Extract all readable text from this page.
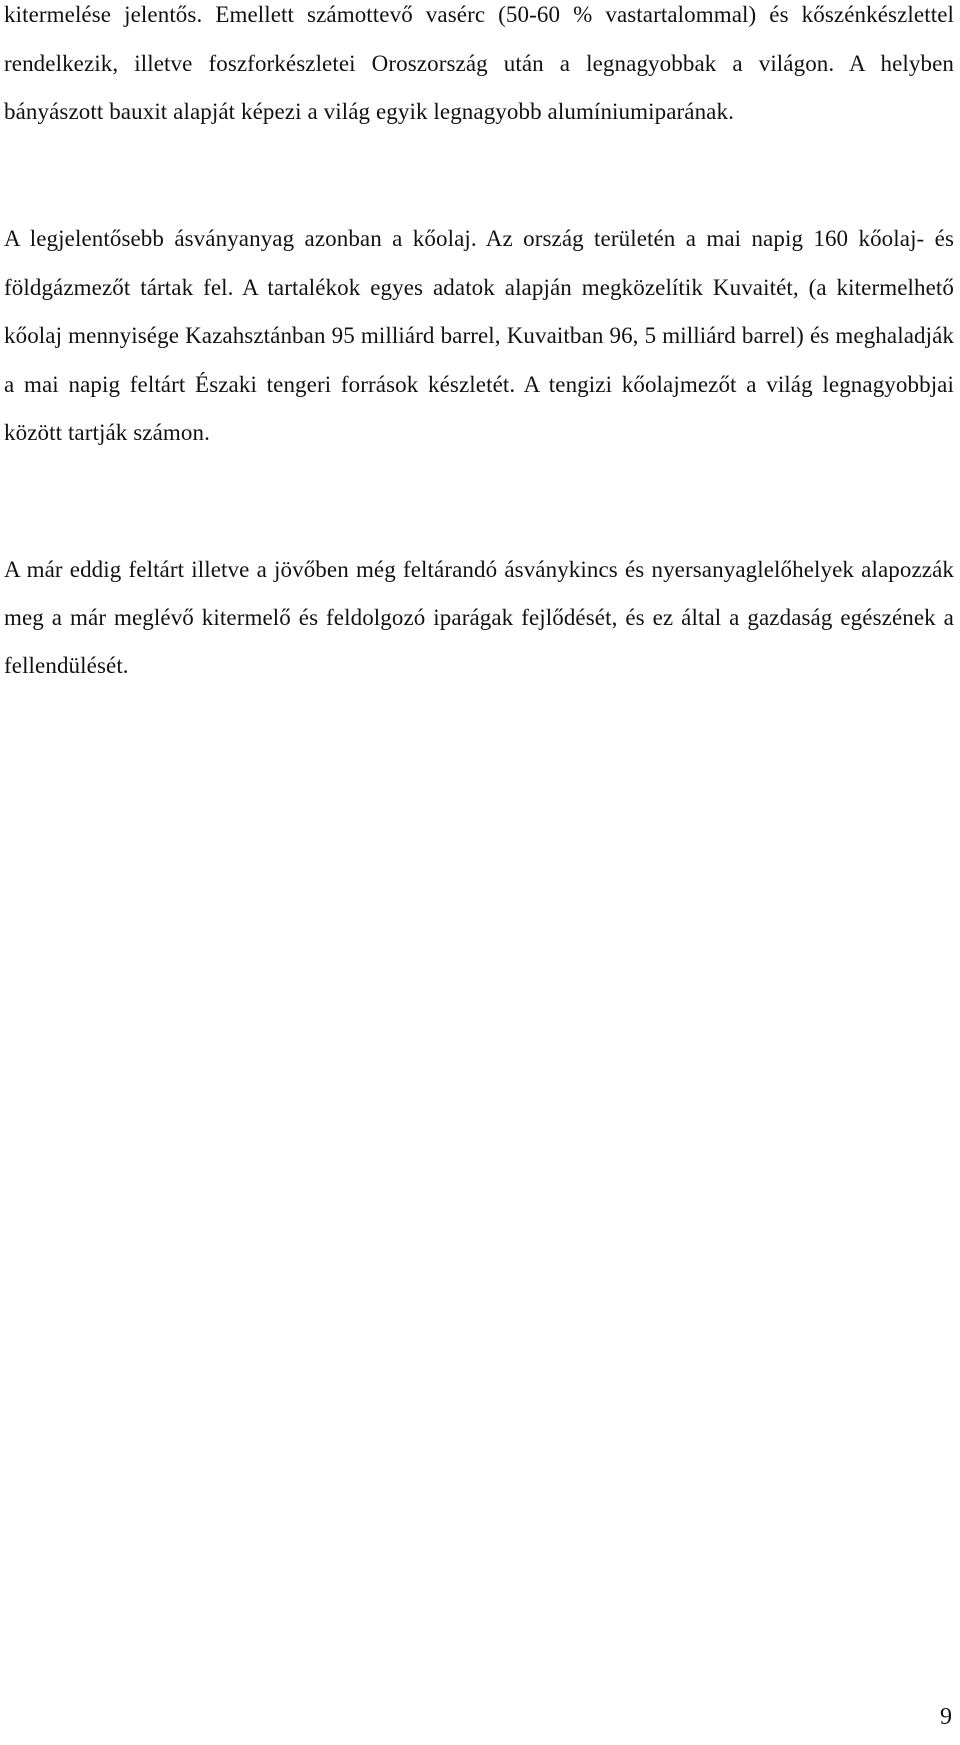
kitermelése jelentős. Emellett számottevő vasérc (50-60 % vastartalommal) és kőszénkészlettel rendelkezik, illetve foszforkészletei Oroszország után a legnagyobbak a világon. A helyben bányászott bauxit alapját képezi a világ egyik legnagyobb alumíniumiparának.

A legjelentősebb ásványanyag azonban a kőolaj. Az ország területén a mai napig 160 kőolaj- és földgázmezőt tártak fel. A tartalékok egyes adatok alapján megközelítik Kuvaitét, (a kitermelhető kőolaj mennyisége Kazahsztánban 95 milliárd barrel, Kuvaitban 96, 5 milliárd barrel) és meghaladják a mai napig feltárt Északi tengeri források készletét. A tengizi kőolajmezőt a világ legnagyobbjai között tartják számon.

A már eddig feltárt illetve a jövőben még feltárandó ásványkincs és nyersanyaglelőhelyek alapozzák meg a már meglévő kitermelő és feldolgozó iparágak fejlődését, és ez által a gazdaság egészének a fellendülését.

9
